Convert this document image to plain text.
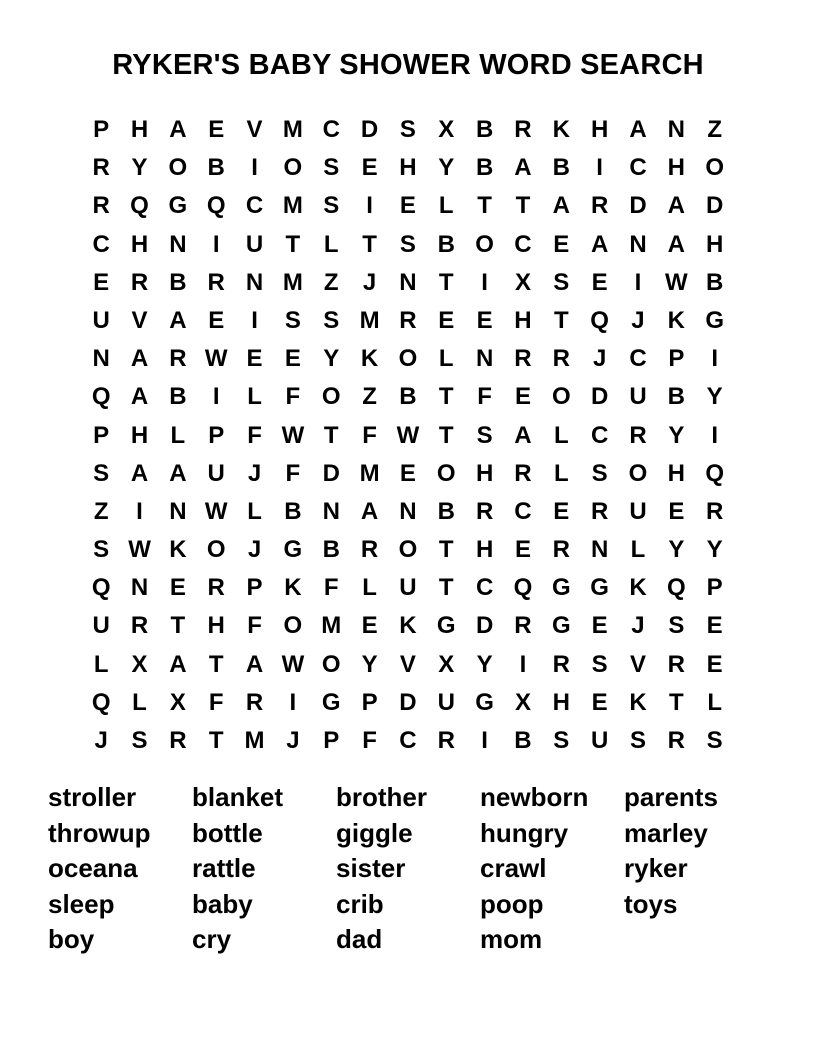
RYKER'S BABY SHOWER WORD SEARCH
P H A E V M C D S X B R K H A N Z
R Y O B	I	O S E H Y B A B	I	C H O
R Q G Q C M S	I	E L T T A R D A D
C H N	I	U T L T S B O C E A N A H
E R B R N M Z	J N T	I	X S E	I W B
U V A E	I	S S M R E E H T Q J K G
N A R W E E Y K O L N R R J C P	I
Q A B	I	L F O Z B T F E O D U B Y
P H L P F W T F W T S A L C R Y	I
S A A U J	F D M E O H R L S O H Q
Z	I	N W L B N A N B R C E R U E R
S W K O J G B R O T H E R N L Y Y
Q N E R P K F L U T C Q G G K Q P
U R T H F O M E K G D R G E J S E
L X A T A W O Y V X Y	I	R S V R E
Q L X F R	I	G P D U G X H E K T L
J S R T M J P F C R	I	B S U S R S
stroller	blanket	brother	newborn	parents
throwup	bottle	giggle	hungry	marley
oceana	rattle	sister	crawl	ryker
sleep	baby	crib	poop	toys
boy	cry	dad	mom
